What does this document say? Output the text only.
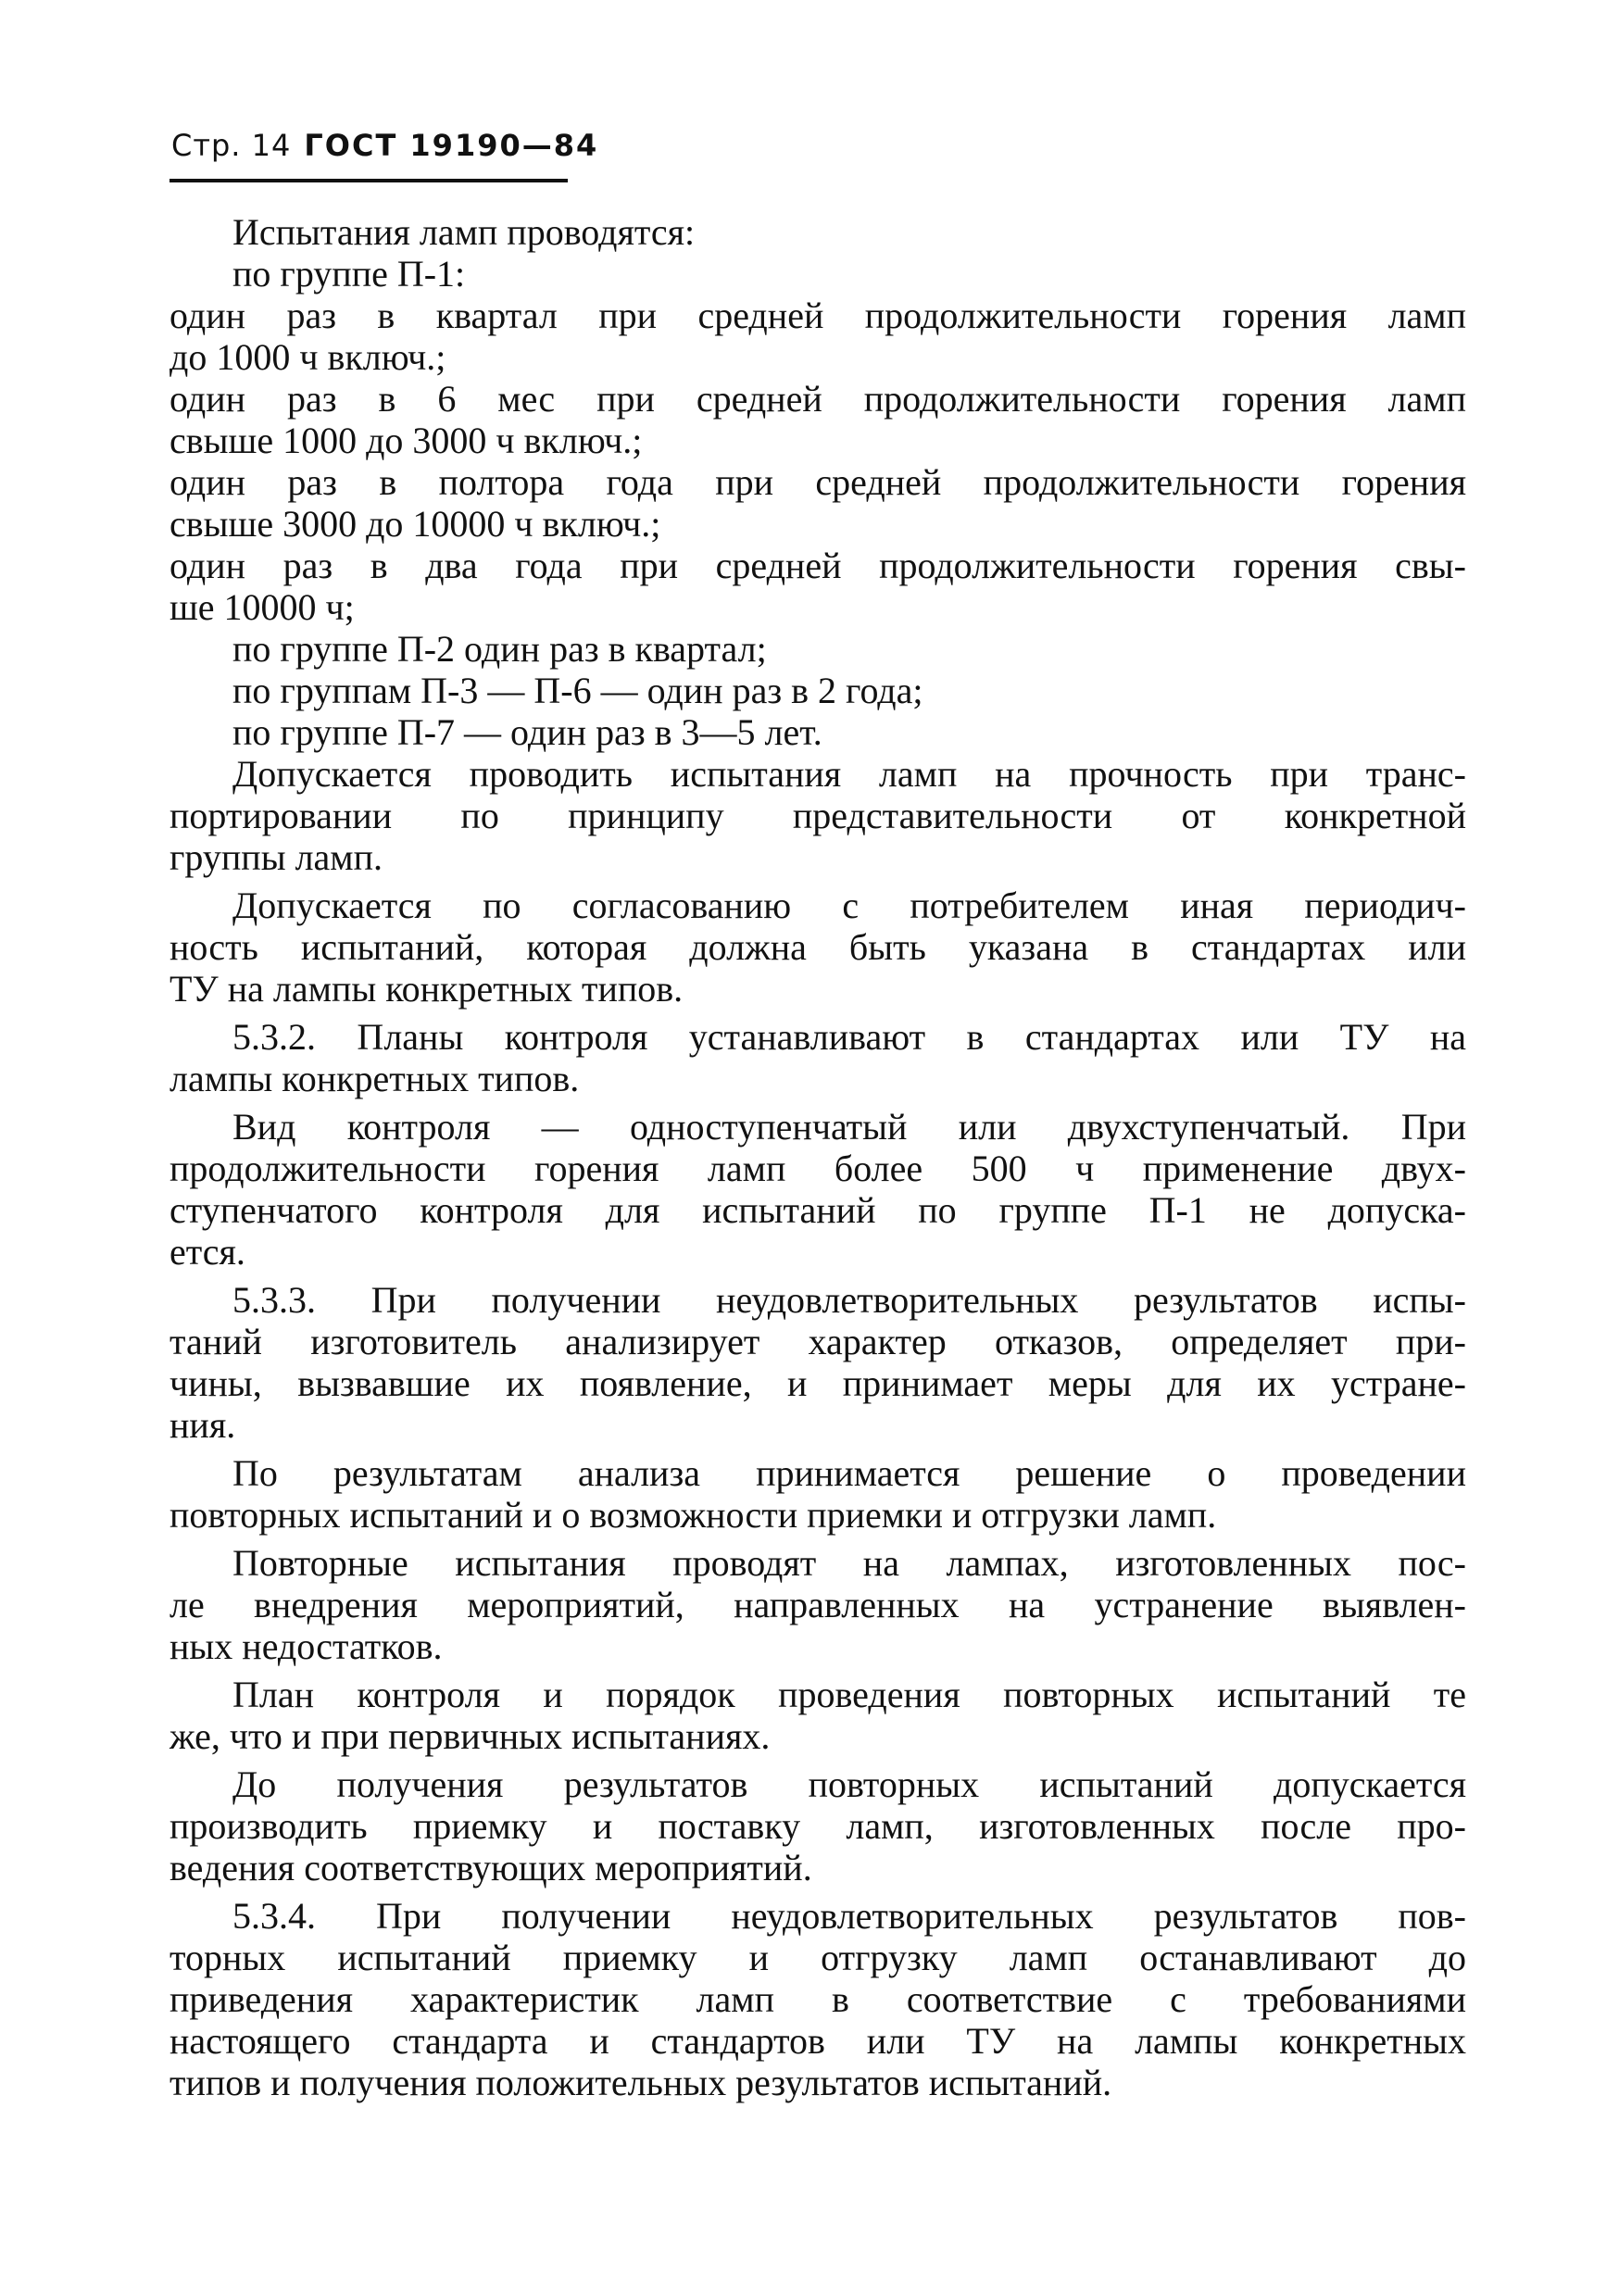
Стр. 14 ГОСТ 19190—84
Испытания ламп проводятся:
по группе П-1:
один раз в квартал при средней продолжительности горения ламп
до 1000 ч включ.;
один раз в 6 мес при средней продолжительности горения ламп
свыше 1000 до 3000 ч включ.;
один раз в полтора года при средней продолжительности горения
свыше 3000 до 10000 ч включ.;
один раз в два года при средней продолжительности горения свы-
ше 10000 ч;
по группе П-2 один раз в квартал;
по группам П-3 — П-6 — один раз в 2 года;
по группе П-7 — один раз в 3—5 лет.
Допускается проводить испытания ламп на прочность при транс-
портировании по принципу представительности от конкретной
группы ламп.
Допускается по согласованию с потребителем иная периодич-
ность испытаний, которая должна быть указана в стандартах или
ТУ на лампы конкретных типов.
5.3.2. Планы контроля устанавливают в стандартах или ТУ на
лампы конкретных типов.
Вид контроля — одноступенчатый или двухступенчатый. При
продолжительности горения ламп более 500 ч применение двух-
ступенчатого контроля для испытаний по группе П-1 не допуска-
ется.
5.3.3. При получении неудовлетворительных результатов испы-
таний изготовитель анализирует характер отказов, определяет при-
чины, вызвавшие их появление, и принимает меры для их устране-
ния.
По результатам анализа принимается решение о проведении
повторных испытаний и о возможности приемки и отгрузки ламп.
Повторные испытания проводят на лампах, изготовленных пос-
ле внедрения мероприятий, направленных на устранение выявлен-
ных недостатков.
План контроля и порядок проведения повторных испытаний те
же, что и при первичных испытаниях.
До получения результатов повторных испытаний допускается
производить приемку и поставку ламп, изготовленных после про-
ведения соответствующих мероприятий.
5.3.4. При получении неудовлетворительных результатов пов-
торных испытаний приемку и отгрузку ламп останавливают до
приведения характеристик ламп в соответствие с требованиями
настоящего стандарта и стандартов или ТУ на лампы конкретных
типов и получения положительных результатов испытаний.
